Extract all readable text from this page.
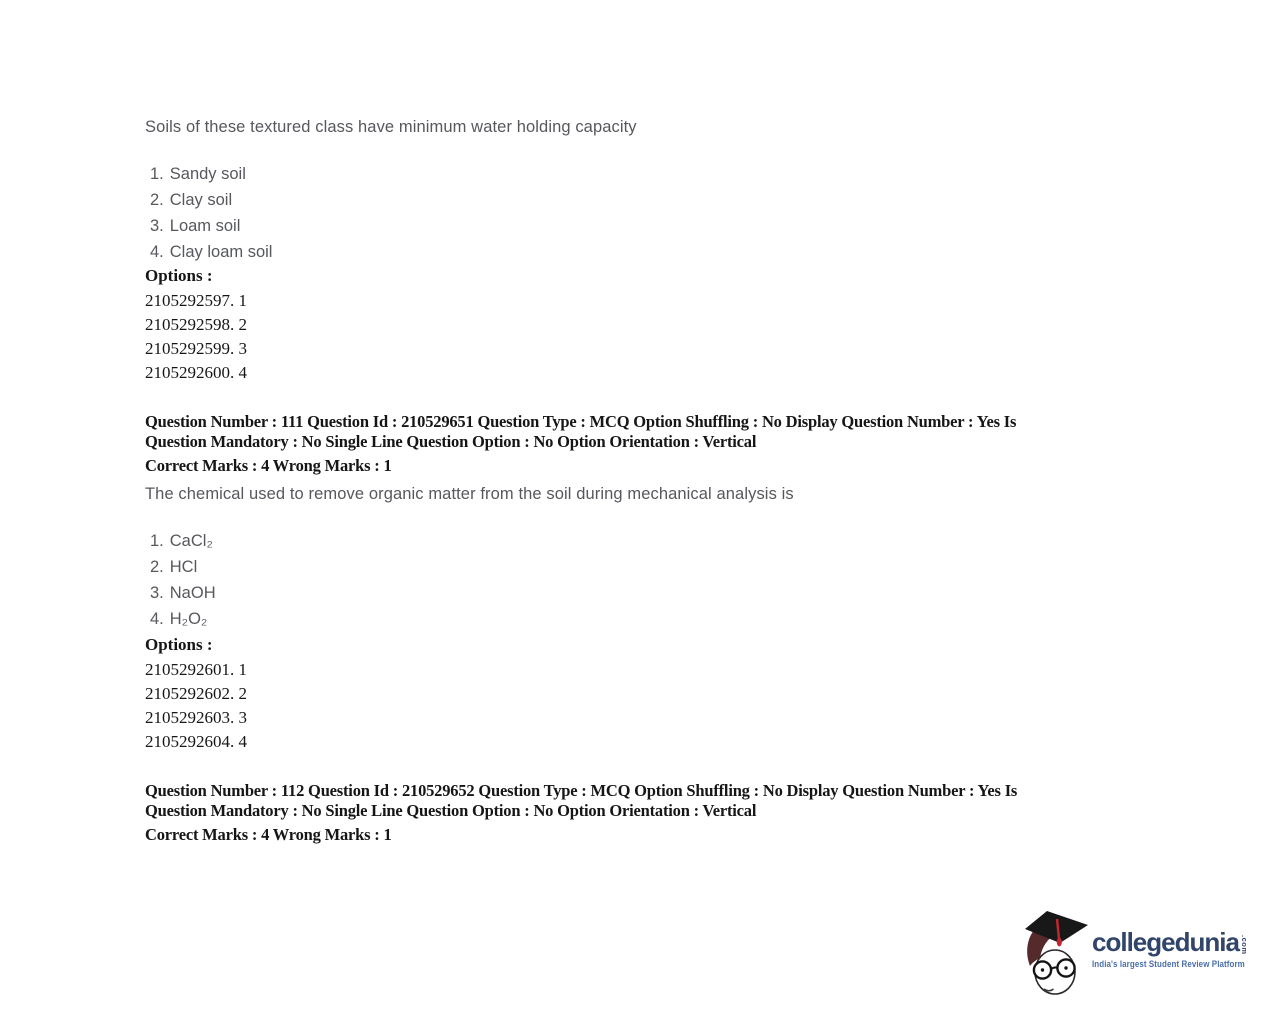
Soils of these textured class have minimum water holding capacity

1. Sandy soil
2. Clay soil
3. Loam soil
4. Clay loam soil
Options :
2105292597. 1
2105292598. 2
2105292599. 3
2105292600. 4
Question Number : 111 Question Id : 210529651 Question Type : MCQ Option Shuffling : No Display Question Number : Yes Is
Question Mandatory : No Single Line Question Option : No Option Orientation : Vertical
Correct Marks : 4 Wrong Marks : 1

The chemical used to remove organic matter from the soil during mechanical analysis is

1. CaCl₂
2. HCl
3. NaOH
4. H₂O₂
Options :
2105292601. 1
2105292602. 2
2105292603. 3
2105292604. 4
Question Number : 112 Question Id : 210529652 Question Type : MCQ Option Shuffling : No Display Question Number : Yes Is
Question Mandatory : No Single Line Question Option : No Option Orientation : Vertical
Correct Marks : 4 Wrong Marks : 1
collegedunia .com
India's largest Student Review Platform
